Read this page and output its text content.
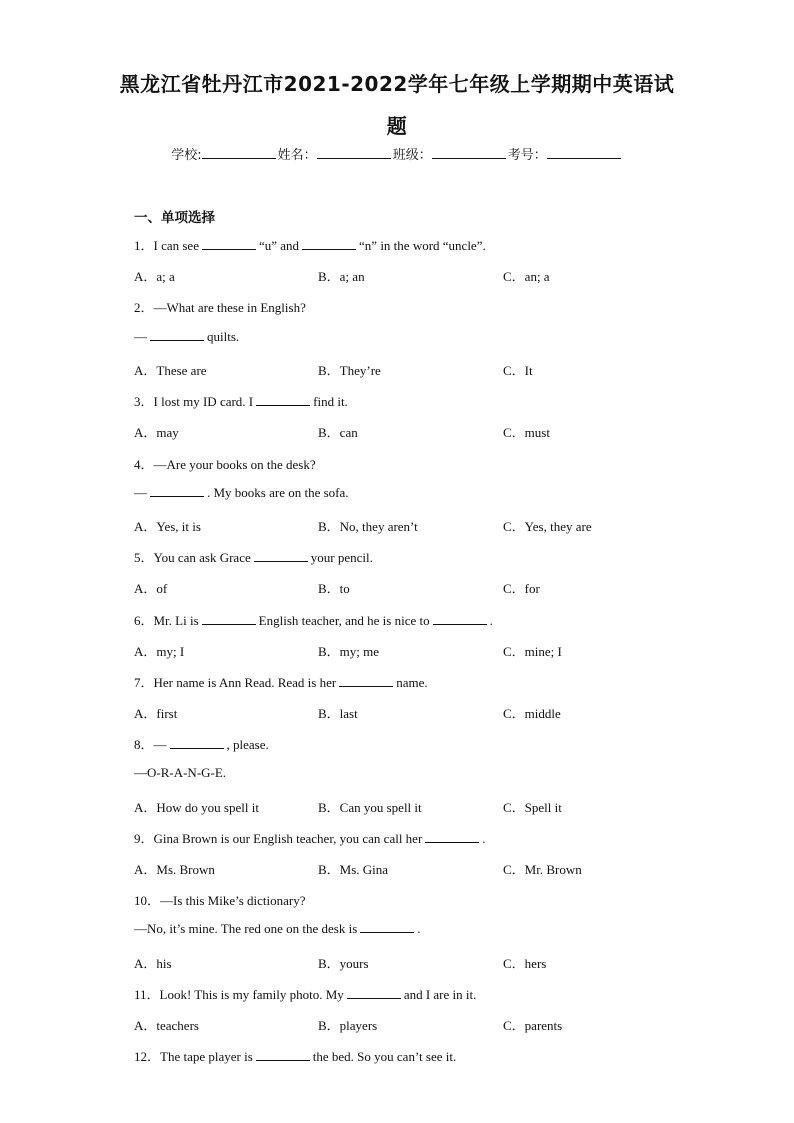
黑龙江省牡丹江市2021-2022学年七年级上学期期中英语试
题
学校:	姓名：	班级：	考号：
一、单项选择
1．I can see	“u” and	“n” in the word “uncle”.
A．a; a	B．a; an	C．an; a
2．—What are these in English?
—	quilts.
A．These are	B．They’re	C．It
3．I lost my ID card. I	find it.
A．may	B．can	C．must
4．—Are your books on the desk?
—	. My books are on the sofa.
A．Yes, it is	B．No, they aren’t	C．Yes, they are
5．You can ask Grace	your pencil.
A．of	B．to	C．for
6．Mr. Li is	English teacher, and he is nice to	.
A．my; I	B．my; me	C．mine; I
7．Her name is Ann Read. Read is her	name.
A．first	B．last	C．middle
8．—	, please.
—O-R-A-N-G-E.
A．How do you spell it	B．Can you spell it	C．Spell it
9．Gina Brown is our English teacher, you can call her	.
A．Ms. Brown	B．Ms. Gina	C．Mr. Brown
10．—Is this Mike’s dictionary?
—No, it’s mine. The red one on the desk is	.
A．his	B．yours	C．hers
11．Look! This is my family photo. My	and I are in it.
A．teachers	B．players	C．parents
12．The tape player is	the bed. So you can’t see it.
